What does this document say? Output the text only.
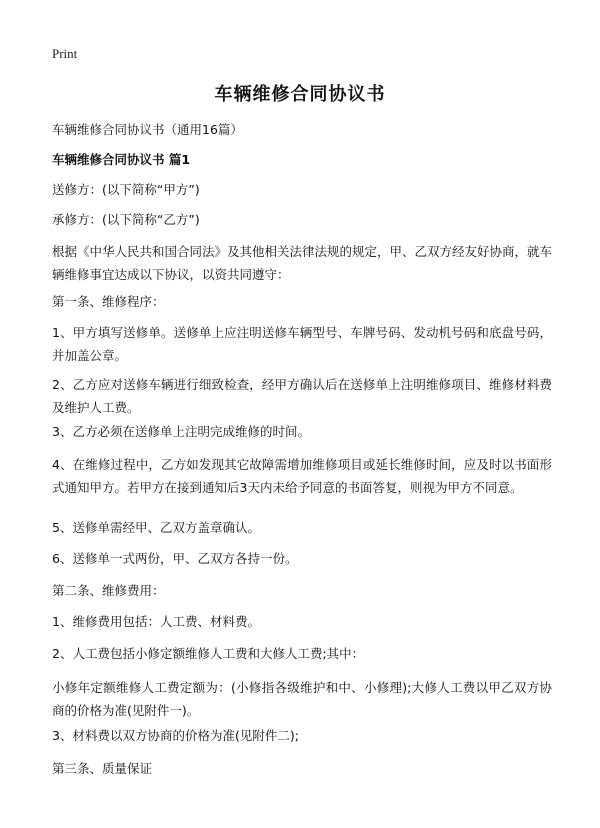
Print
车辆维修合同协议书
车辆维修合同协议书（通用16篇）
车辆维修合同协议书 篇1
送修方：(以下简称“甲方”)
承修方：(以下简称“乙方”)
根据《中华人民共和国合同法》及其他相关法律法规的规定，甲、乙双方经友好协商，就车辆维修事宜达成以下协议，以资共同遵守：
第一条、维修程序：
1、甲方填写送修单。送修单上应注明送修车辆型号、车牌号码、发动机号码和底盘号码，并加盖公章。
2、乙方应对送修车辆进行细致检查，经甲方确认后在送修单上注明维修项目、维修材料费及维护人工费。
3、乙方必须在送修单上注明完成维修的时间。
4、在维修过程中，乙方如发现其它故障需增加维修项目或延长维修时间，应及时以书面形式通知甲方。若甲方在接到通知后3天内未给予同意的书面答复，则视为甲方不同意。
5、送修单需经甲、乙双方盖章确认。
6、送修单一式两份，甲、乙双方各持一份。
第二条、维修费用：
1、维修费用包括：人工费、材料费。
2、人工费包括小修定额维修人工费和大修人工费;其中：
小修年定额维修人工费定额为：(小修指各级维护和中、小修理);大修人工费以甲乙双方协商的价格为准(见附件一)。
3、材料费以双方协商的价格为准(见附件二);
第三条、质量保证
